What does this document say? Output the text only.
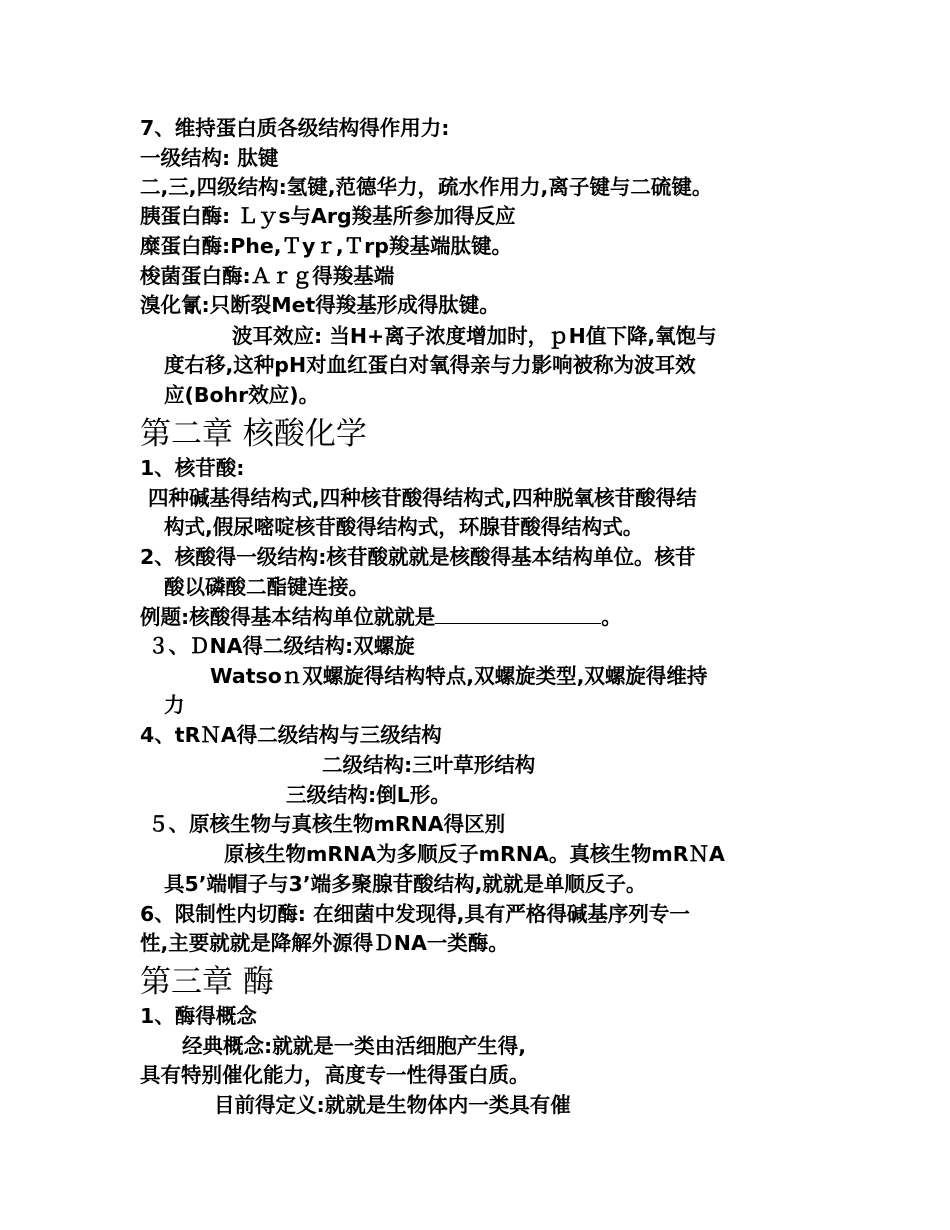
7、维持蛋白质各级结构得作用力:
一级结构: 肽键
二,三,四级结构:氢键,范德华力，疏水作用力,离子键与二硫键。
胰蛋白酶: Ｌｙs与Arg羧基所参加得反应
糜蛋白酶:Phe,Ｔyｒ,Ｔrp羧基端肽键。
梭菌蛋白酶:Ａｒｇ得羧基端
溴化氰:只断裂Met得羧基形成得肽键。
波耳效应: 当H+离子浓度增加时，ｐH值下降,氧饱与
度右移,这种pH对血红蛋白对氧得亲与力影响被称为波耳效
应(Bohr效应)。
第二章 核酸化学
1、核苷酸:
四种碱基得结构式,四种核苷酸得结构式,四种脱氧核苷酸得结
构式,假尿嘧啶核苷酸得结构式，环腺苷酸得结构式。
2、核酸得一级结构:核苷酸就就是核酸得基本结构单位。核苷
酸以磷酸二酯键连接。
例题:核酸得基本结构单位就就是	。
３、ＤNA得二级结构:双螺旋
Watsoｎ双螺旋得结构特点,双螺旋类型,双螺旋得维持
力
4、tRＮA得二级结构与三级结构
二级结构:三叶草形结构
三级结构:倒L形。
５、原核生物与真核生物mRNA得区别
原核生物mRNA为多顺反子mRNA。真核生物mRＮA
具5’端帽子与3’端多聚腺苷酸结构,就就是单顺反子。
6、限制性内切酶: 在细菌中发现得,具有严格得碱基序列专一
性,主要就就是降解外源得ＤNA一类酶。
第三章 酶
1、酶得概念
经典概念:就就是一类由活细胞产生得,
具有特别催化能力，高度专一性得蛋白质。
目前得定义:就就是生物体内一类具有催
